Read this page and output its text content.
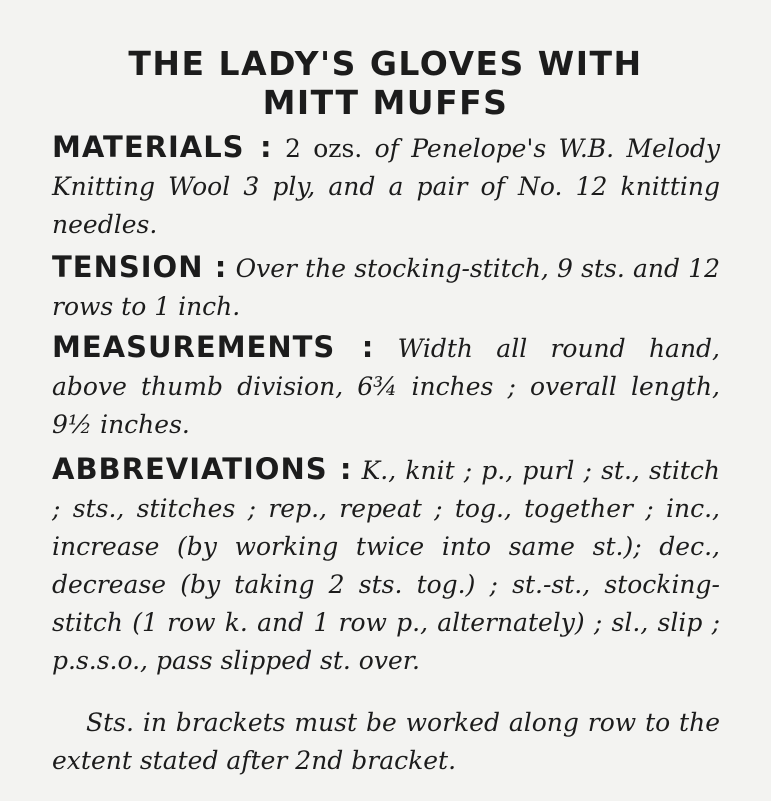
THE LADY'S GLOVES WITH
MITT MUFFS

MATERIALS : 2 ozs. of Penelope's W.B. Melody Knitting Wool 3 ply, and a pair of No. 12 knitting needles.

TENSION : Over the stocking-stitch, 9 sts. and 12 rows to 1 inch.

MEASUREMENTS : Width all round hand, above thumb division, 6¾ inches ; overall length, 9½ inches.

ABBREVIATIONS : K., knit ; p., purl ; st., stitch ; sts., stitches ; rep., repeat ; tog., together ; inc., increase (by working twice into same st.); dec., decrease (by taking 2 sts. tog.) ; st.-st., stocking-stitch (1 row k. and 1 row p., alternately) ; sl., slip ; p.s.s.o., pass slipped st. over.

Sts. in brackets must be worked along row to the extent stated after 2nd bracket.
